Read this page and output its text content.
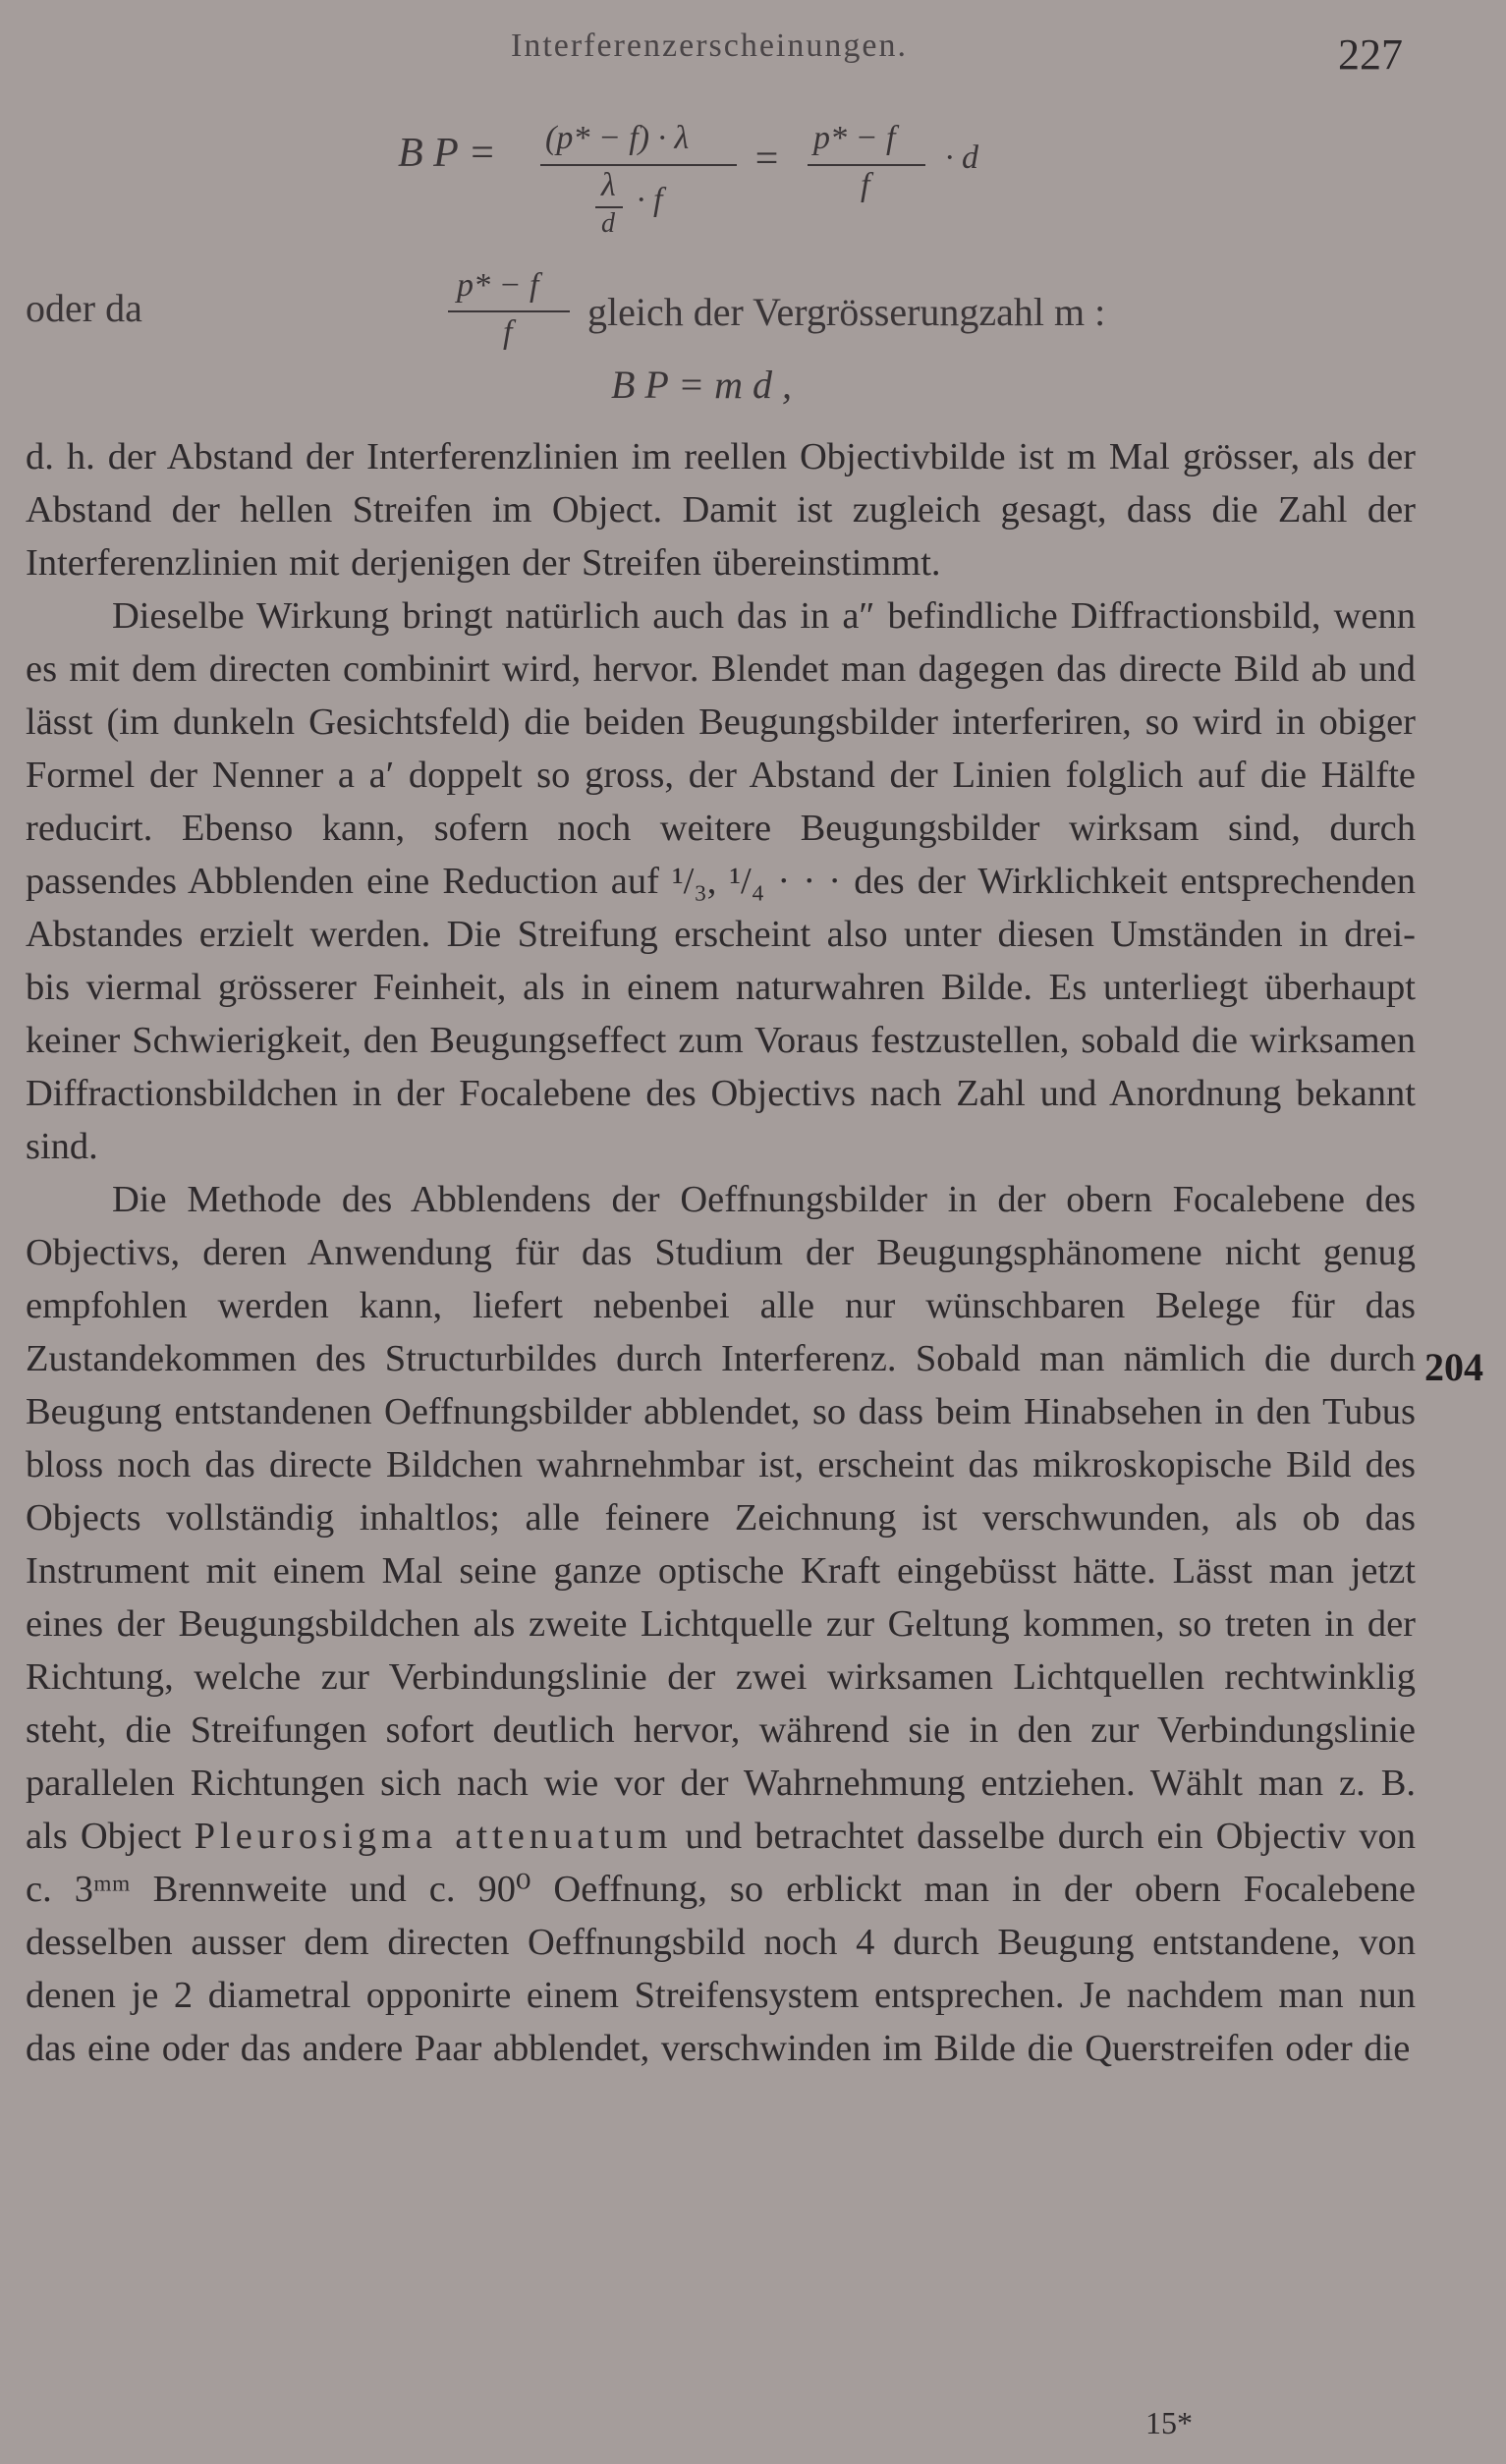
Interferenzerscheinungen.	227
B P = (p* − f) · λ
λ
d
· f
= p* − f
f
· d
oder da
p* − f
f gleich der Vergrösserungzahl m :
B P = m d ,

d. h. der Abstand der Interferenzlinien im reellen Objectivbilde ist m Mal grösser, als der Abstand der hellen Streifen im Object. Damit ist zugleich gesagt, dass die Zahl der Interferenzlinien mit derjenigen der Streifen übereinstimmt.

Dieselbe Wirkung bringt natürlich auch das in a″ befindliche Diffractionsbild, wenn es mit dem directen combinirt wird, hervor. Blendet man dagegen das directe Bild ab und lässt (im dunkeln Gesichtsfeld) die beiden Beugungsbilder interferiren, so wird in obiger Formel der Nenner a a′ doppelt so gross, der Abstand der Linien folglich auf die Hälfte reducirt. Ebenso kann, sofern noch weitere Beugungsbilder wirksam sind, durch passendes Abblenden eine Reduction auf ¹/₃, ¹/₄ · · · des der Wirklichkeit entsprechenden Abstandes erzielt werden. Die Streifung erscheint also unter diesen Umständen in drei- bis viermal grösserer Feinheit, als in einem naturwahren Bilde. Es unterliegt überhaupt keiner Schwierigkeit, den Beugungseffect zum Voraus festzustellen, sobald die wirksamen Diffractionsbildchen in der Focalebene des Objectivs nach Zahl und Anordnung bekannt sind.

Die Methode des Abblendens der Oeffnungsbilder in der obern Focalebene des Objectivs, deren Anwendung für das Studium der Beugungsphänomene nicht genug empfohlen werden kann, liefert nebenbei alle nur wünschbaren Belege für das Zustandekommen des Structurbildes durch Interferenz. Sobald man nämlich die durch Beugung entstandenen Oeffnungsbilder abblendet, so dass beim Hinabsehen in den Tubus bloss noch das directe Bildchen wahrnehmbar ist, erscheint das mikroskopische Bild des Objects vollständig inhaltlos; alle feinere Zeichnung ist verschwunden, als ob das Instrument mit einem Mal seine ganze optische Kraft eingebüsst hätte. Lässt man jetzt eines der Beugungsbildchen als zweite Lichtquelle zur Geltung kommen, so treten in der Richtung, welche zur Verbindungslinie der zwei wirksamen Lichtquellen rechtwinklig steht, die Streifungen sofort deutlich hervor, während sie in den zur Verbindungslinie parallelen Richtungen sich nach wie vor der Wahrnehmung entziehen. Wählt man z. B. als Object Pleurosigma attenuatum und betrachtet dasselbe durch ein Objectiv von c. 3ᵐᵐ Brennweite und c. 90⁰ Oeffnung, so erblickt man in der obern Focalebene desselben ausser dem directen Oeffnungsbild noch 4 durch Beugung entstandene, von denen je 2 diametral opponirte einem Streifensystem entsprechen. Je nachdem man nun das eine oder das andere Paar abblendet, verschwinden im Bilde die Querstreifen oder die

204
15*
